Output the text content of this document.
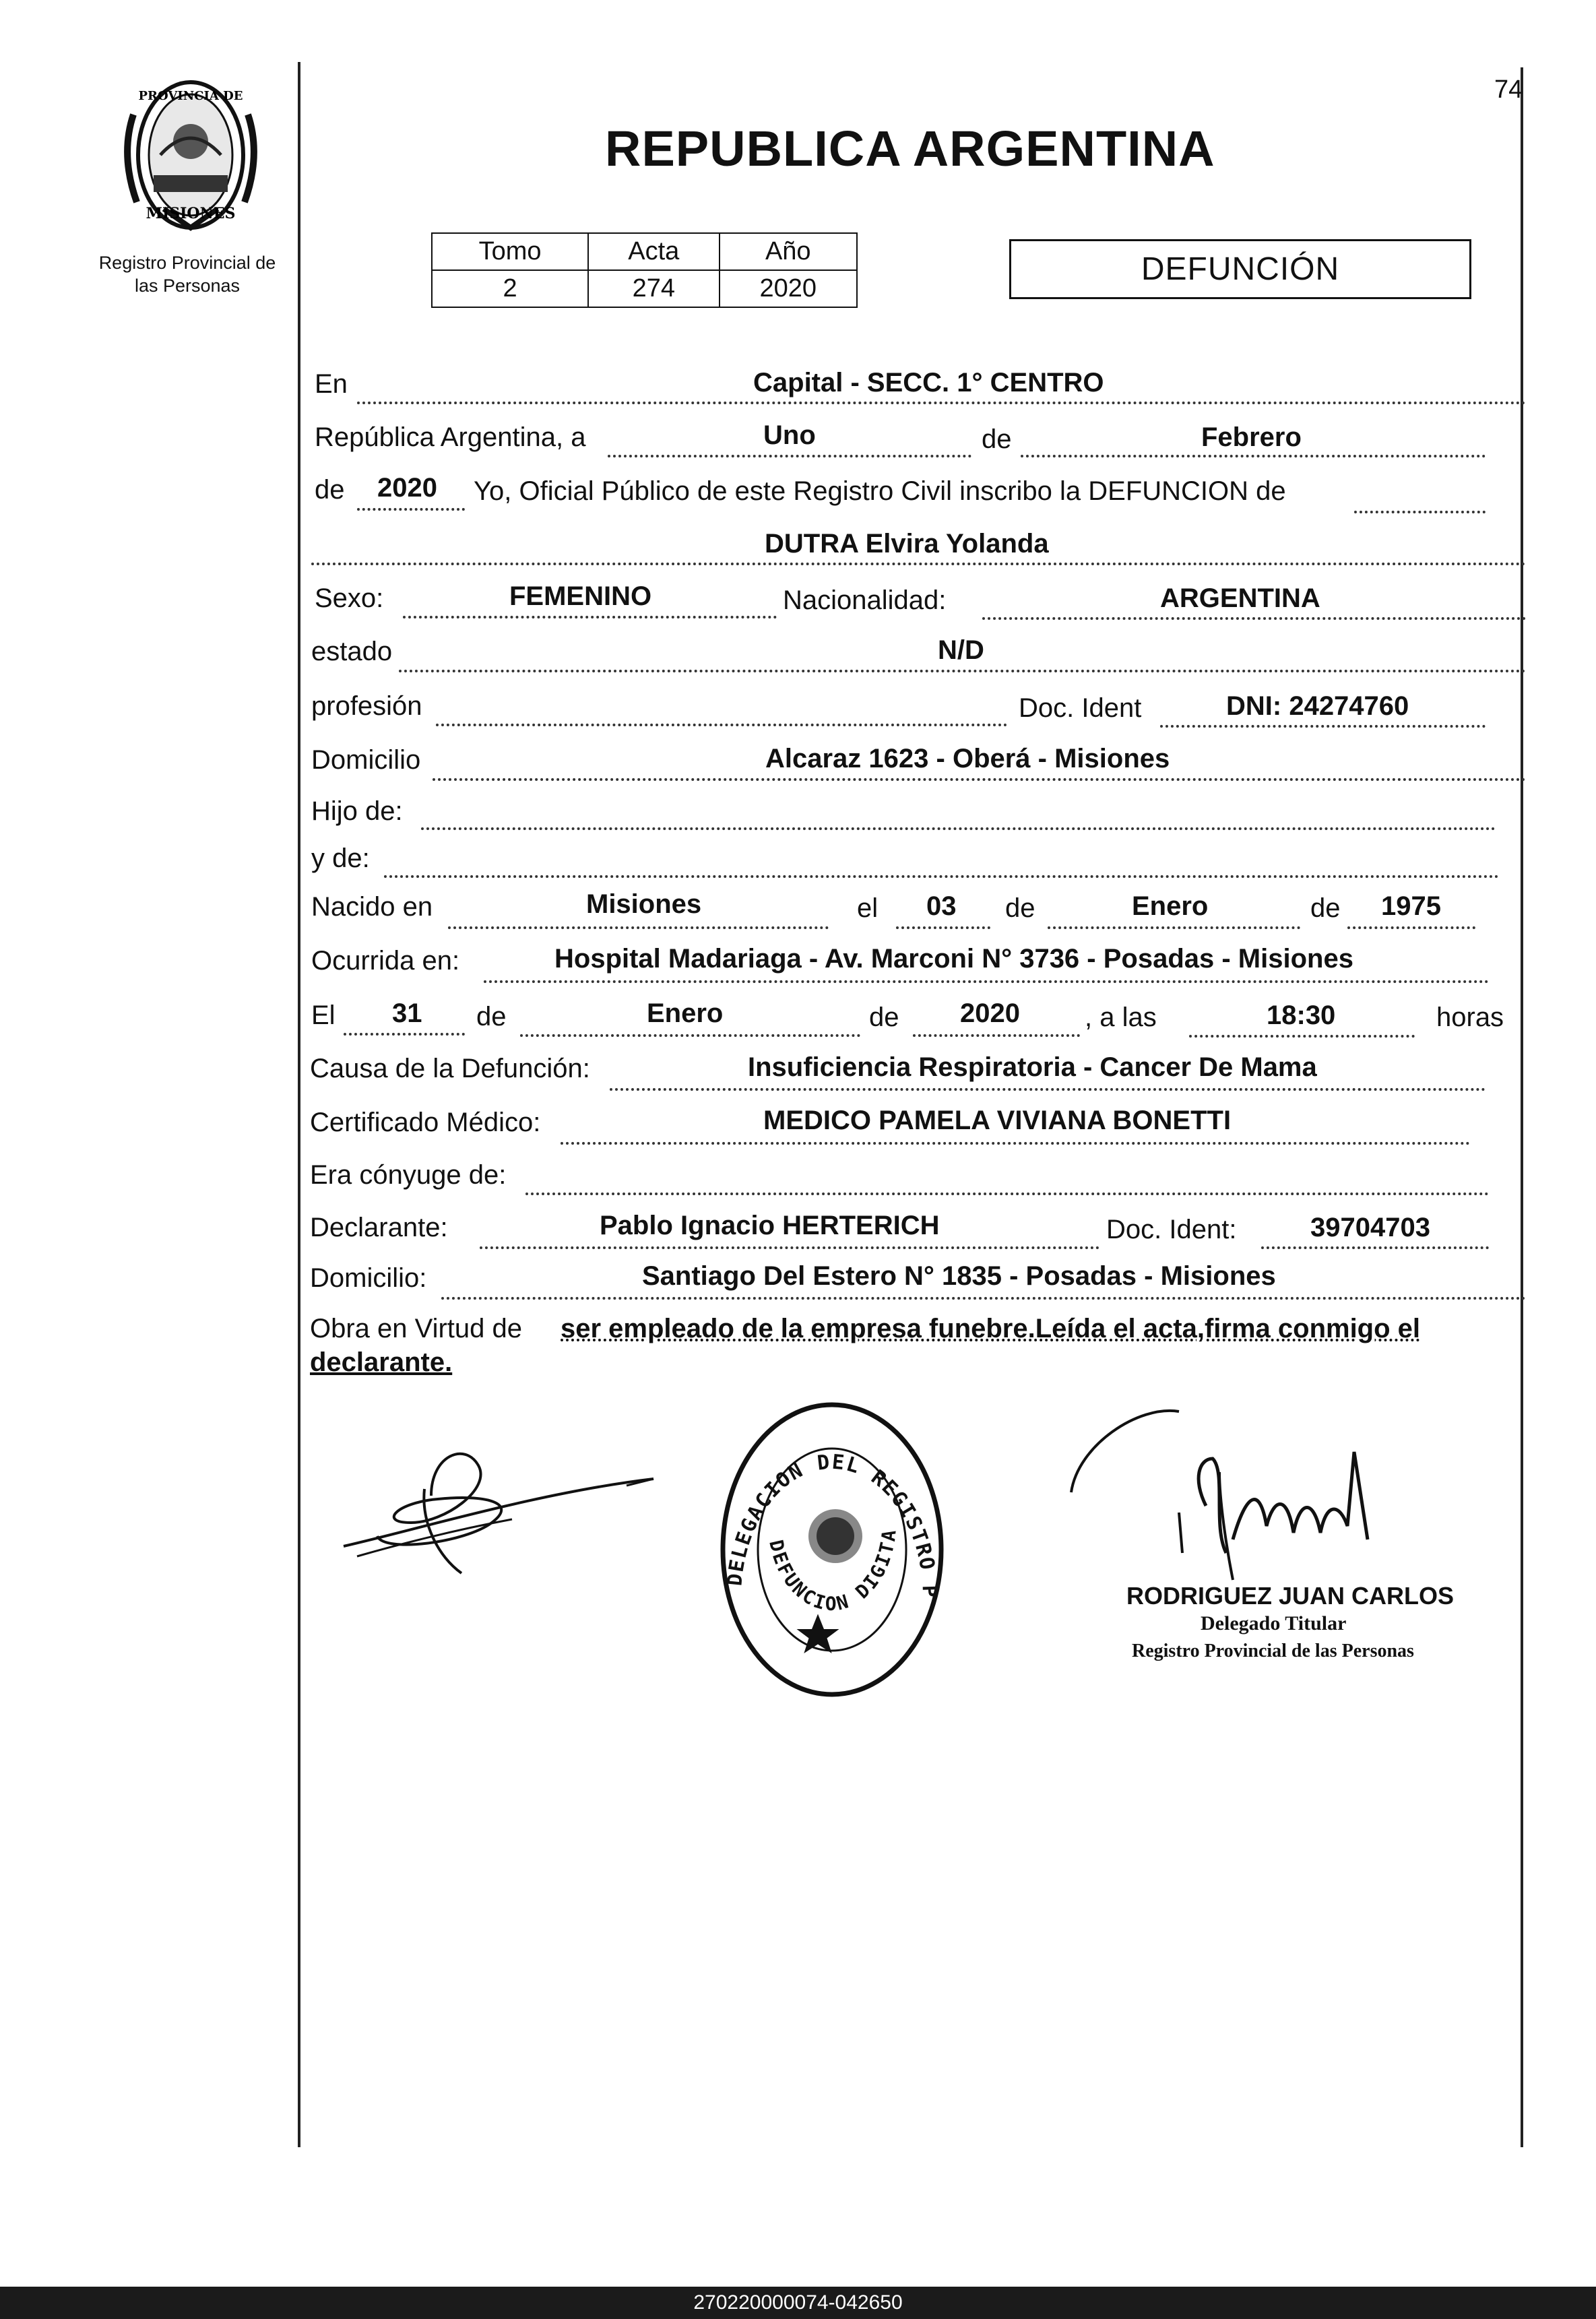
74
PROVINCIA DE
MISIONES
Registro Provincial de
las Personas
REPUBLICA ARGENTINA
Tomo	Acta	Año
2	274	2020
DEFUNCIÓN
En	Capital - SECC. 1° CENTRO
República Argentina, a	Uno	de	Febrero
de 2020 Yo, Oficial Público de este Registro Civil inscribo la DEFUNCION de
DUTRA Elvira Yolanda
Sexo:	FEMENINO	Nacionalidad:	ARGENTINA
estado	N/D
profesión	Doc. Ident	DNI: 24274760
Domicilio	Alcaraz 1623 - Oberá - Misiones
Hijo de:
y de:
Nacido en	Misiones	el 03 de	Enero	de 1975
Ocurrida en:	Hospital Madariaga - Av. Marconi N° 3736 - Posadas - Misiones
El 31 de	Enero	de 2020 , a las	18:30	horas
Causa de la Defunción:	Insuficiencia Respiratoria - Cancer De Mama
Certificado Médico:	MEDICO PAMELA VIVIANA BONETTI
Era cónyuge de:
Declarante:	Pablo Ignacio HERTERICH	Doc. Ident:	39704703
Domicilio:	Santiago Del Estero N° 1835 - Posadas - Misiones
Obra en Virtud de ser empleado de la empresa funebre.Leída el acta,firma conmigo el
declarante.
DELEGACION DEL REGISTRO P
DEFUNCION DIGITA
RODRIGUEZ JUAN CARLOS
Delegado Titular
Registro Provincial de las Personas
270220000074-042650
